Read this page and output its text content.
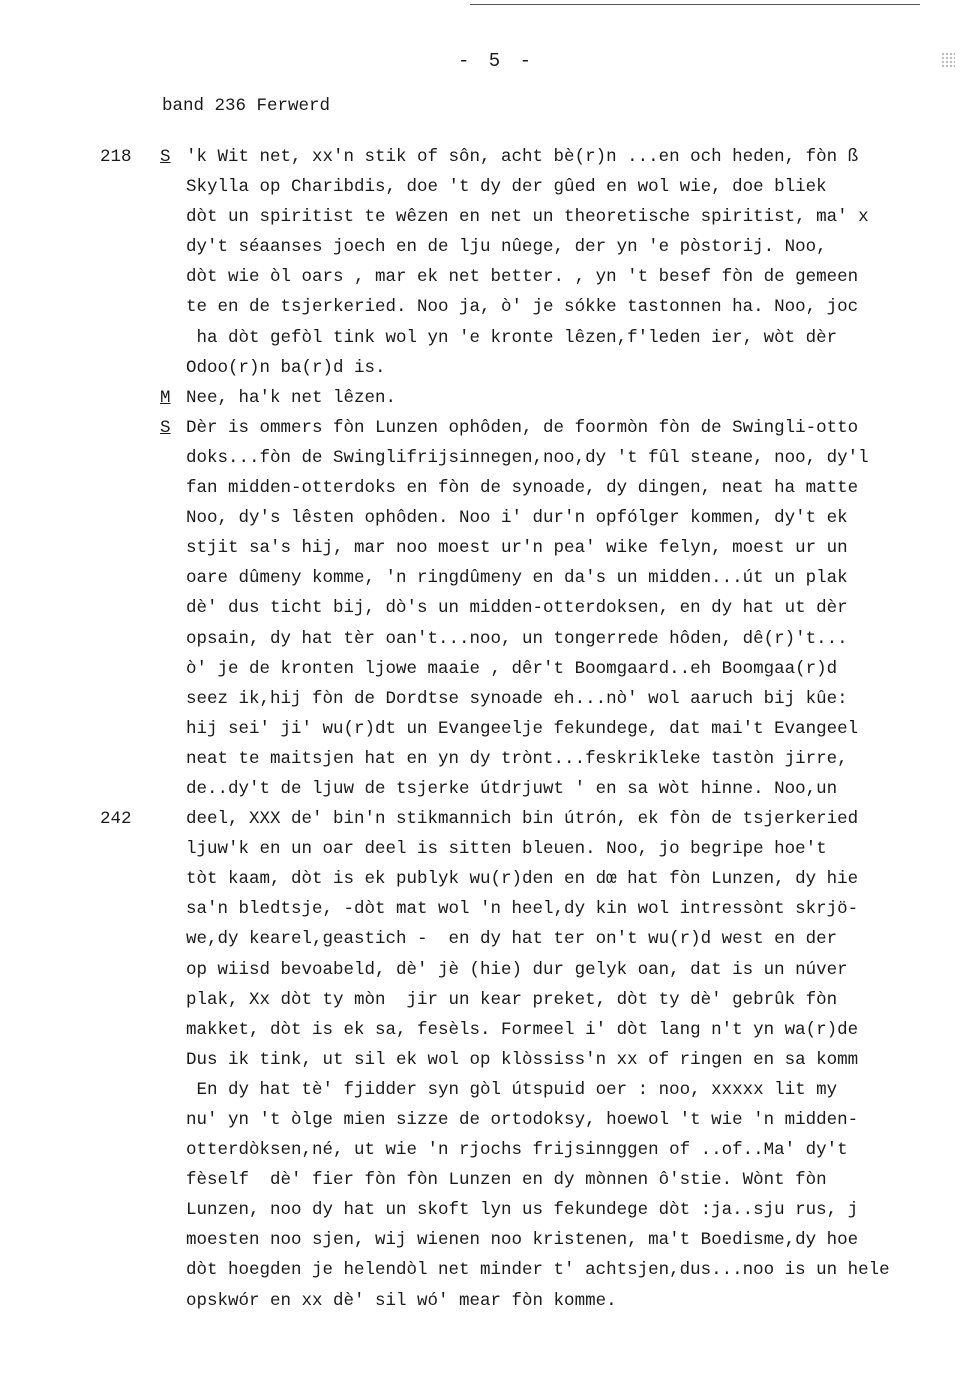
- 5 -
band 236 Ferwerd
218 S 'k Wit net, xx'n stik of sôn, acht bè(r)n ...en och heden, fòn ß
Skylla op Charibdis, doe 't dy der gûed en wol wie, doe bliek
dòt un spiritist te wêzen en net un theoretische spiritist, ma' x
dy't séaanses joech en de lju nûege, der yn 'e pòstorij. Noo,
dòt wie òl oars , mar ek net better. , yn 't besef fòn de gemeen
te en de tsjerkeried. Noo ja, ò' je sókke tastonnen ha. Noo, joc
ha dòt gefòl tink wol yn 'e kronte lêzen,f'leden ier, wòt dèr
Odoo(r)n ba(r)d is.
M Nee, ha'k net lêzen.
S Dèr is ommers fòn Lunzen ophôden, de foormòn fòn de Swingli-otto
doks...fòn de Swinglifrijsinnegen,noo,dy 't fûl steane, noo, dy'l
fan midden-otterdoks en fòn de synoade, dy dingen, neat ha matte
Noo, dy's lêsten ophôden. Noo i' dur'n opfólger kommen, dy't ek
stjit sa's hij, mar noo moest ur'n pea' wike felyn, moest ur un
oare dûmeny komme, 'n ringdûmeny en da's un midden...út un plak
dè' dus ticht bij, dò's un midden-otterdoksen, en dy hat ut dèr
opsain, dy hat tèr oan't...noo, un tongerrede hôden, dê(r)'t...
ò' je de kronten ljowe maaie , dêr't Boomgaard..eh Boomgaa(r)d
seez ik,hij fòn de Dordtse synoade eh...nò' wol aaruch bij kûe:
hij sei' ji' wu(r)dt un Evangeelje fekundege, dat mai't Evangeel
neat te maitsjen hat en yn dy trònt...feskrikleke tastòn jirre,
de..dy't de ljuw de tsjerke útdrjuwt ' en sa wòt hinne. Noo,un
242	deel, XXX de' bin'n stikmannich bin útrón, ek fòn de tsjerkeried
ljuw'k en un oar deel is sitten bleuen. Noo, jo begripe hoe't
tòt kaam, dòt is ek publyk wu(r)den en dœ hat fòn Lunzen, dy hie
sa'n bledtsje, -dòt mat wol 'n heel,dy kin wol intressònt skrjö-
we,dy kearel,geastich -  en dy hat ter on't wu(r)d west en der
op wiisd bevoabeld, dè' jè (hie) dur gelyk oan, dat is un núver
plak, Xx dòt ty mòn  jir un kear preket, dòt ty dè' gebrûk fòn
makket, dòt is ek sa, fesèls. Formeel i' dòt lang n't yn wa(r)de
Dus ik tink, ut sil ek wol op klòssiss'n xx of ringen en sa komm
En dy hat tè' fjidder syn gòl útspuid oer : noo, xxxxx lit my
nu' yn 't òlge mien sizze de ortodoksy, hoewol 't wie 'n midden-
otterdòksen,né, ut wie 'n rjochs frijsinnggen of ..of..Ma' dy't
fèself  dè' fier fòn fòn Lunzen en dy mònnen ô'stie. Wònt fòn
Lunzen, noo dy hat un skoft lyn us fekundege dòt :ja..sju rus, j
moesten noo sjen, wij wienen noo kristenen, ma't Boedisme,dy hoe
dòt hoegden je helendòl net minder t' achtsjen,dus...noo is un hele
opskwór en xx dè' sil wó' mear fòn komme.
